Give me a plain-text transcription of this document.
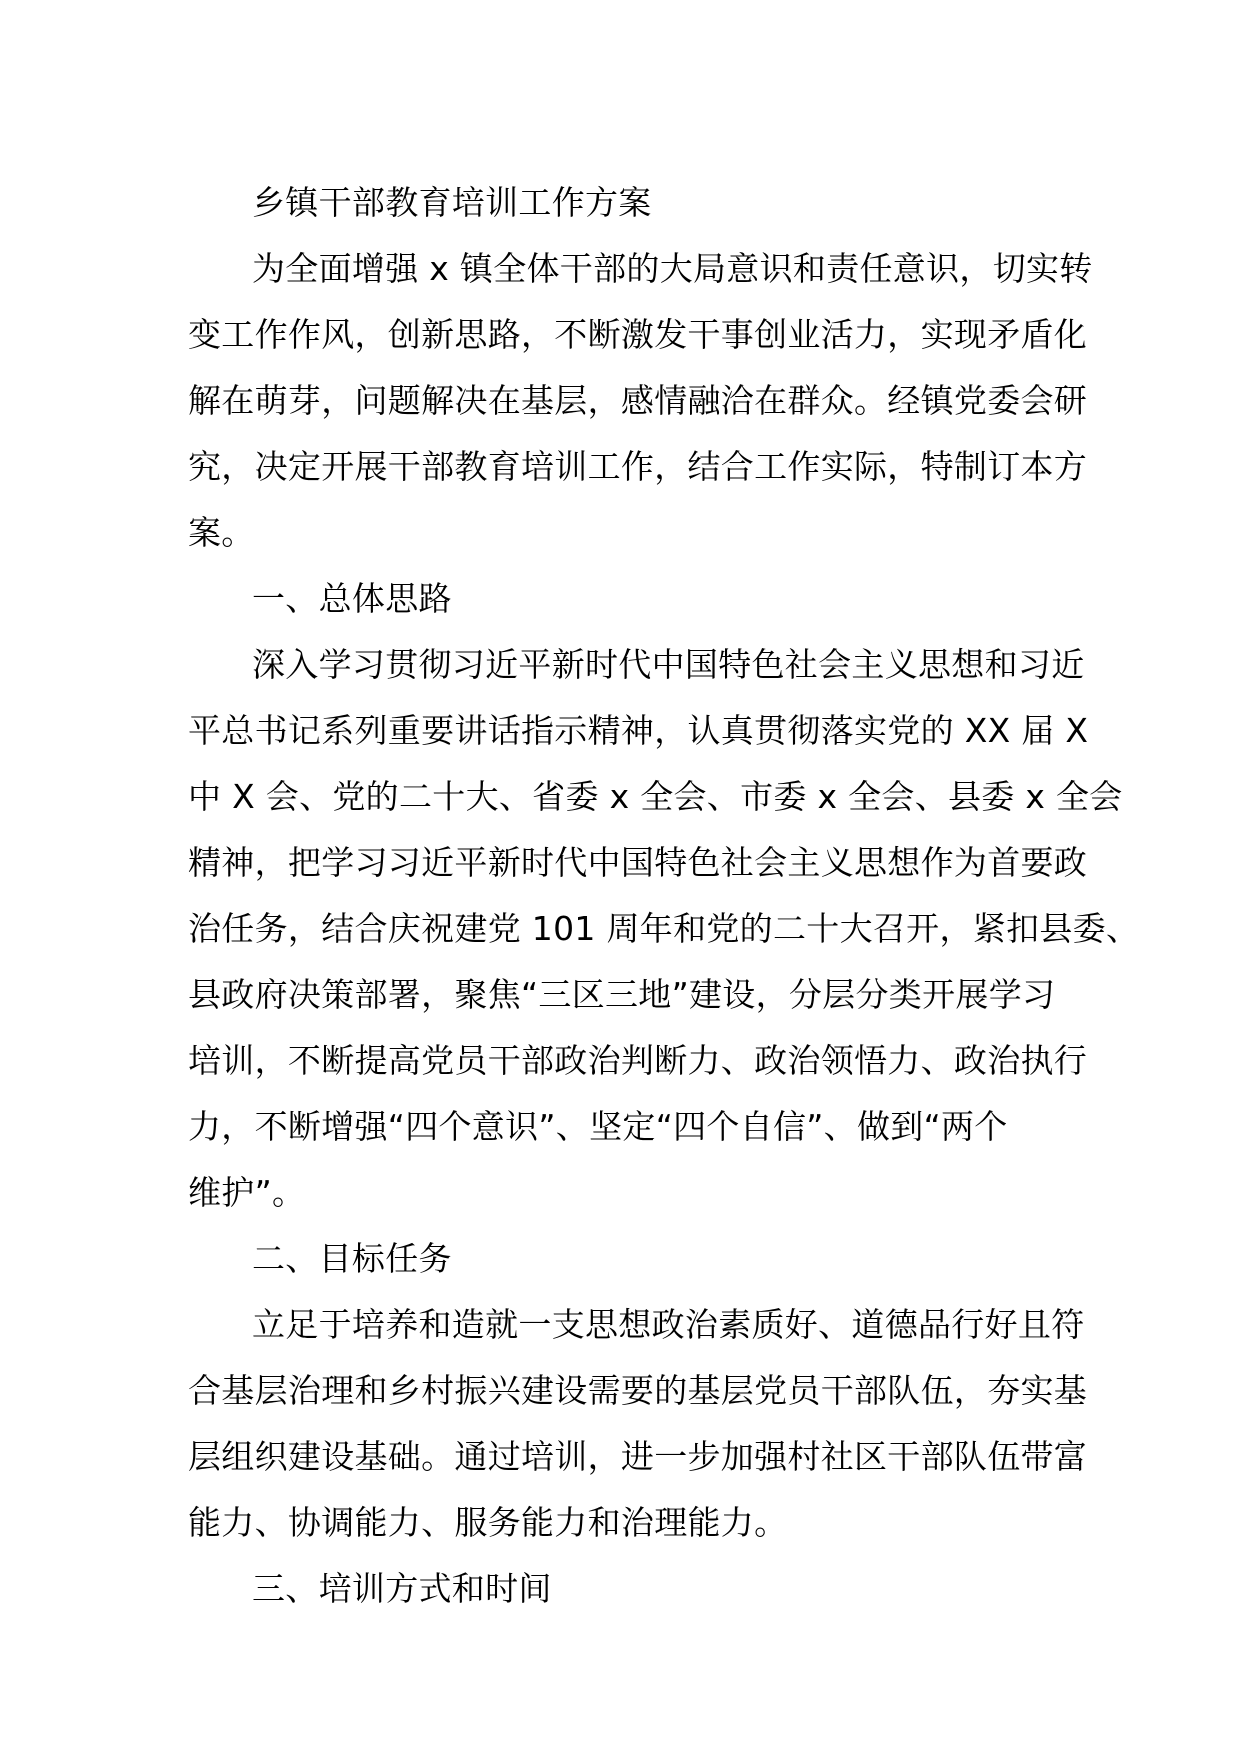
乡镇干部教育培训工作方案
为全面增强 x 镇全体干部的大局意识和责任意识，切实转
变工作作风，创新思路，不断激发干事创业活力，实现矛盾化
解在萌芽，问题解决在基层，感情融洽在群众。经镇党委会研
究，决定开展干部教育培训工作，结合工作实际，特制订本方
案。
一、总体思路
深入学习贯彻习近平新时代中国特色社会主义思想和习近
平总书记系列重要讲话指示精神，认真贯彻落实党的 XX 届 X
中 X 会、党的二十大、省委 x 全会、市委 x 全会、县委 x 全会
精神，把学习习近平新时代中国特色社会主义思想作为首要政
治任务，结合庆祝建党 101 周年和党的二十大召开，紧扣县委、
县政府决策部署，聚焦“三区三地”建设，分层分类开展学习
培训，不断提高党员干部政治判断力、政治领悟力、政治执行
力，不断增强“四个意识”、坚定“四个自信”、做到“两个
维护”。
二、目标任务
立足于培养和造就一支思想政治素质好、道德品行好且符
合基层治理和乡村振兴建设需要的基层党员干部队伍，夯实基
层组织建设基础。通过培训，进一步加强村社区干部队伍带富
能力、协调能力、服务能力和治理能力。
三、培训方式和时间
